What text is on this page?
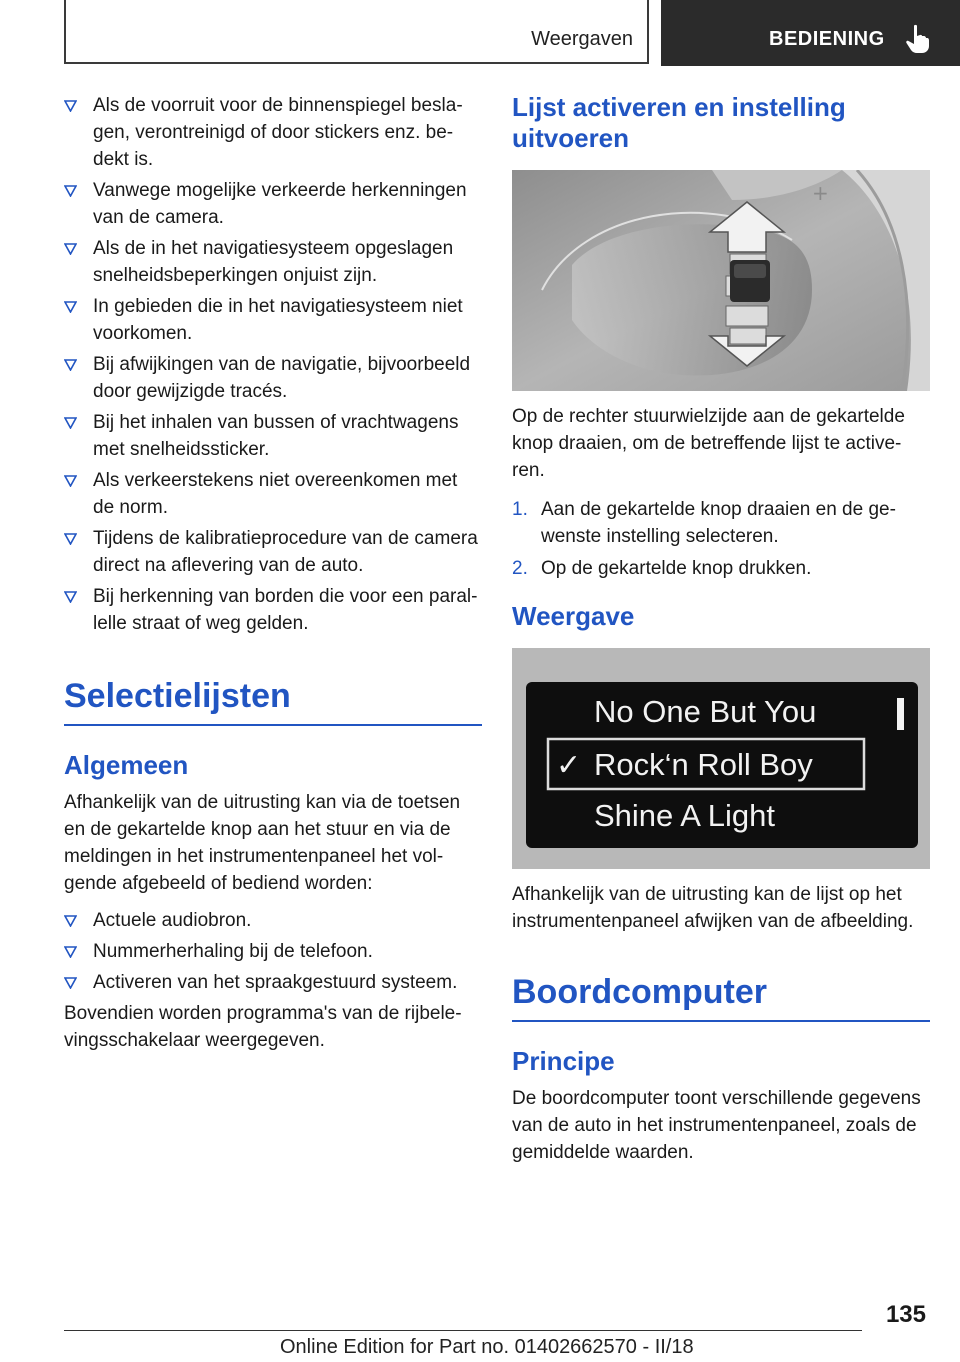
Weergaven	BEDIENING
Als de voorruit voor de binnenspiegel besla-gen, verontreinigd of door stickers enz. be-dekt is.
Vanwege mogelijke verkeerde herkenningen van de camera.
Als de in het navigatiesysteem opgeslagen snelheidsbeperkingen onjuist zijn.
In gebieden die in het navigatiesysteem niet voorkomen.
Bij afwijkingen van de navigatie, bijvoorbeeld door gewijzigde tracés.
Bij het inhalen van bussen of vrachtwagens met snelheidssticker.
Als verkeerstekens niet overeenkomen met de norm.
Tijdens de kalibratieprocedure van de camera direct na aflevering van de auto.
Bij herkenning van borden die voor een paral-lelle straat of weg gelden.
Selectielijsten
Algemeen

Afhankelijk van de uitrusting kan via de toetsen en de gekartelde knop aan het stuur en via de meldingen in het instrumentenpaneel het vol-gende afgebeeld of bediend worden:

Actuele audiobron.
Nummerherhaling bij de telefoon.
Activeren van het spraakgestuurd systeem.

Bovendien worden programma's van de rijbele-vingsschakelaar weergegeven.

Lijst activeren en instelling uitvoeren
+

Op de rechter stuurwielzijde aan de gekartelde knop draaien, om de betreffende lijst te active-ren.

1. Aan de gekartelde knop draaien en de ge-wenste instelling selecteren.
2. Op de gekartelde knop drukken.
Weergave
No One But You
✓ Rock‘n Roll Boy
Shine A Light

Afhankelijk van de uitrusting kan de lijst op het instrumentenpaneel afwijken van de afbeelding.

Boordcomputer
Principe

De boordcomputer toont verschillende gegevens van de auto in het instrumentenpaneel, zoals de gemiddelde waarden.

135
Online Edition for Part no. 01402662570 - II/18
